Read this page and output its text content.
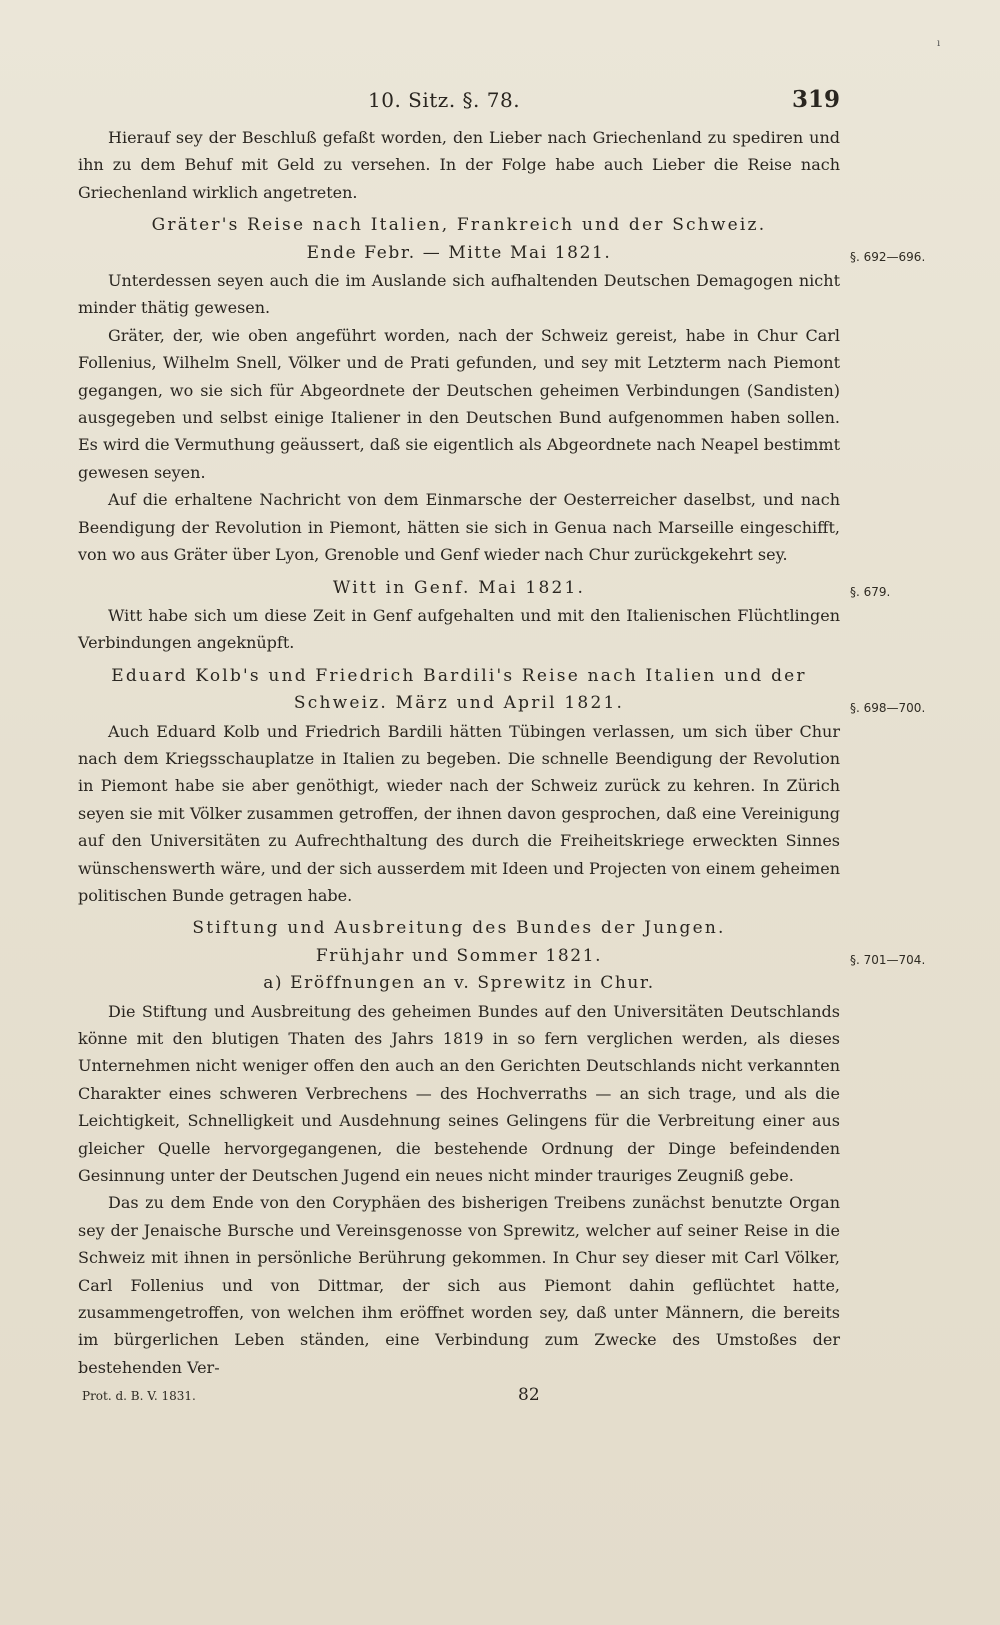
ı
10. Sitz. §. 78.	319

Hierauf sey der Beschluß gefaßt worden, den Lieber nach Griechenland zu spediren und ihn zu dem Behuf mit Geld zu versehen. In der Folge habe auch Lieber die Reise nach Griechenland wirklich angetreten.

Gräter's Reise nach Italien, Frankreich und der Schweiz.

Ende Febr. — Mitte Mai 1821.	§. 692—696.

Unterdessen seyen auch die im Auslande sich aufhaltenden Deutschen Demagogen nicht minder thätig gewesen.

Gräter, der, wie oben angeführt worden, nach der Schweiz gereist, habe in Chur Carl Follenius, Wilhelm Snell, Völker und de Prati gefunden, und sey mit Letzterm nach Piemont gegangen, wo sie sich für Abgeordnete der Deutschen geheimen Verbindungen (Sandisten) ausgegeben und selbst einige Italiener in den Deutschen Bund aufgenommen haben sollen. Es wird die Vermuthung geäussert, daß sie eigentlich als Abgeordnete nach Neapel bestimmt gewesen seyen.

Auf die erhaltene Nachricht von dem Einmarsche der Oesterreicher daselbst, und nach Beendigung der Revolution in Piemont, hätten sie sich in Genua nach Marseille eingeschifft, von wo aus Gräter über Lyon, Grenoble und Genf wieder nach Chur zurückgekehrt sey.

Witt in Genf. Mai 1821.	§. 679.

Witt habe sich um diese Zeit in Genf aufgehalten und mit den Italienischen Flüchtlingen Verbindungen angeknüpft.

Eduard Kolb's und Friedrich Bardili's Reise nach Italien und der Schweiz. März und April 1821.	§. 698—700.

Auch Eduard Kolb und Friedrich Bardili hätten Tübingen verlassen, um sich über Chur nach dem Kriegsschauplatze in Italien zu begeben. Die schnelle Beendigung der Revolution in Piemont habe sie aber genöthigt, wieder nach der Schweiz zurück zu kehren. In Zürich seyen sie mit Völker zusammen getroffen, der ihnen davon gesprochen, daß eine Vereinigung auf den Universitäten zu Aufrechthaltung des durch die Freiheitskriege erweckten Sinnes wünschenswerth wäre, und der sich ausserdem mit Ideen und Projecten von einem geheimen politischen Bunde getragen habe.

Stiftung und Ausbreitung des Bundes der Jungen.

Frühjahr und Sommer 1821.	§. 701—704.

a) Eröffnungen an v. Sprewitz in Chur.

Die Stiftung und Ausbreitung des geheimen Bundes auf den Universitäten Deutschlands könne mit den blutigen Thaten des Jahrs 1819 in so fern verglichen werden, als dieses Unternehmen nicht weniger offen den auch an den Gerichten Deutschlands nicht verkannten Charakter eines schweren Verbrechens — des Hochverraths — an sich trage, und als die Leichtigkeit, Schnelligkeit und Ausdehnung seines Gelingens für die Verbreitung einer aus gleicher Quelle hervorgegangenen, die bestehende Ordnung der Dinge befeindenden Gesinnung unter der Deutschen Jugend ein neues nicht minder trauriges Zeugniß gebe.

Das zu dem Ende von den Coryphäen des bisherigen Treibens zunächst benutzte Organ sey der Jenaische Bursche und Vereinsgenosse von Sprewitz, welcher auf seiner Reise in die Schweiz mit ihnen in persönliche Berührung gekommen. In Chur sey dieser mit Carl Völker, Carl Follenius und von Dittmar, der sich aus Piemont dahin geflüchtet hatte, zusammengetroffen, von welchen ihm eröffnet worden sey, daß unter Männern, die bereits im bürgerlichen Leben ständen, eine Verbindung zum Zwecke des Umstoßes der bestehenden Ver-

Prot. d. B. V. 1831.	82
